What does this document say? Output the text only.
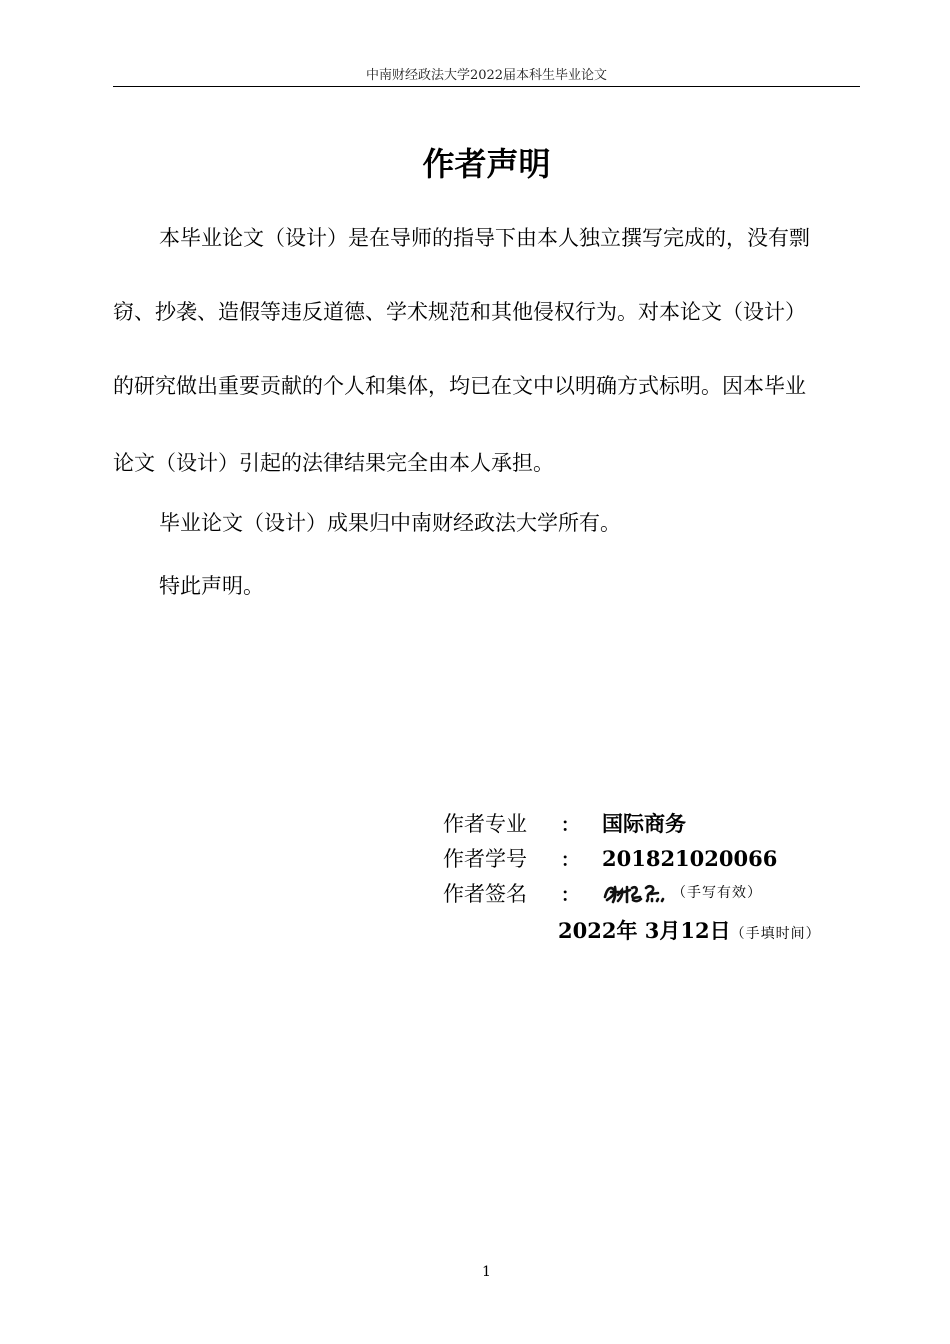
中南财经政法大学2022届本科生毕业论文
作者声明
本毕业论文（设计）是在导师的指导下由本人独立撰写完成的，没有剽
窃、抄袭、造假等违反道德、学术规范和其他侵权行为。对本论文（设计）
的研究做出重要贡献的个人和集体，均已在文中以明确方式标明。因本毕业
论文（设计）引起的法律结果完全由本人承担。
毕业论文（设计）成果归中南财经政法大学所有。
特此声明。
作者专业 ： 国际商务
作者学号 ： 201821020066
作者签名 ：	（手写有效）
2022年 3月12日（手填时间）
1
